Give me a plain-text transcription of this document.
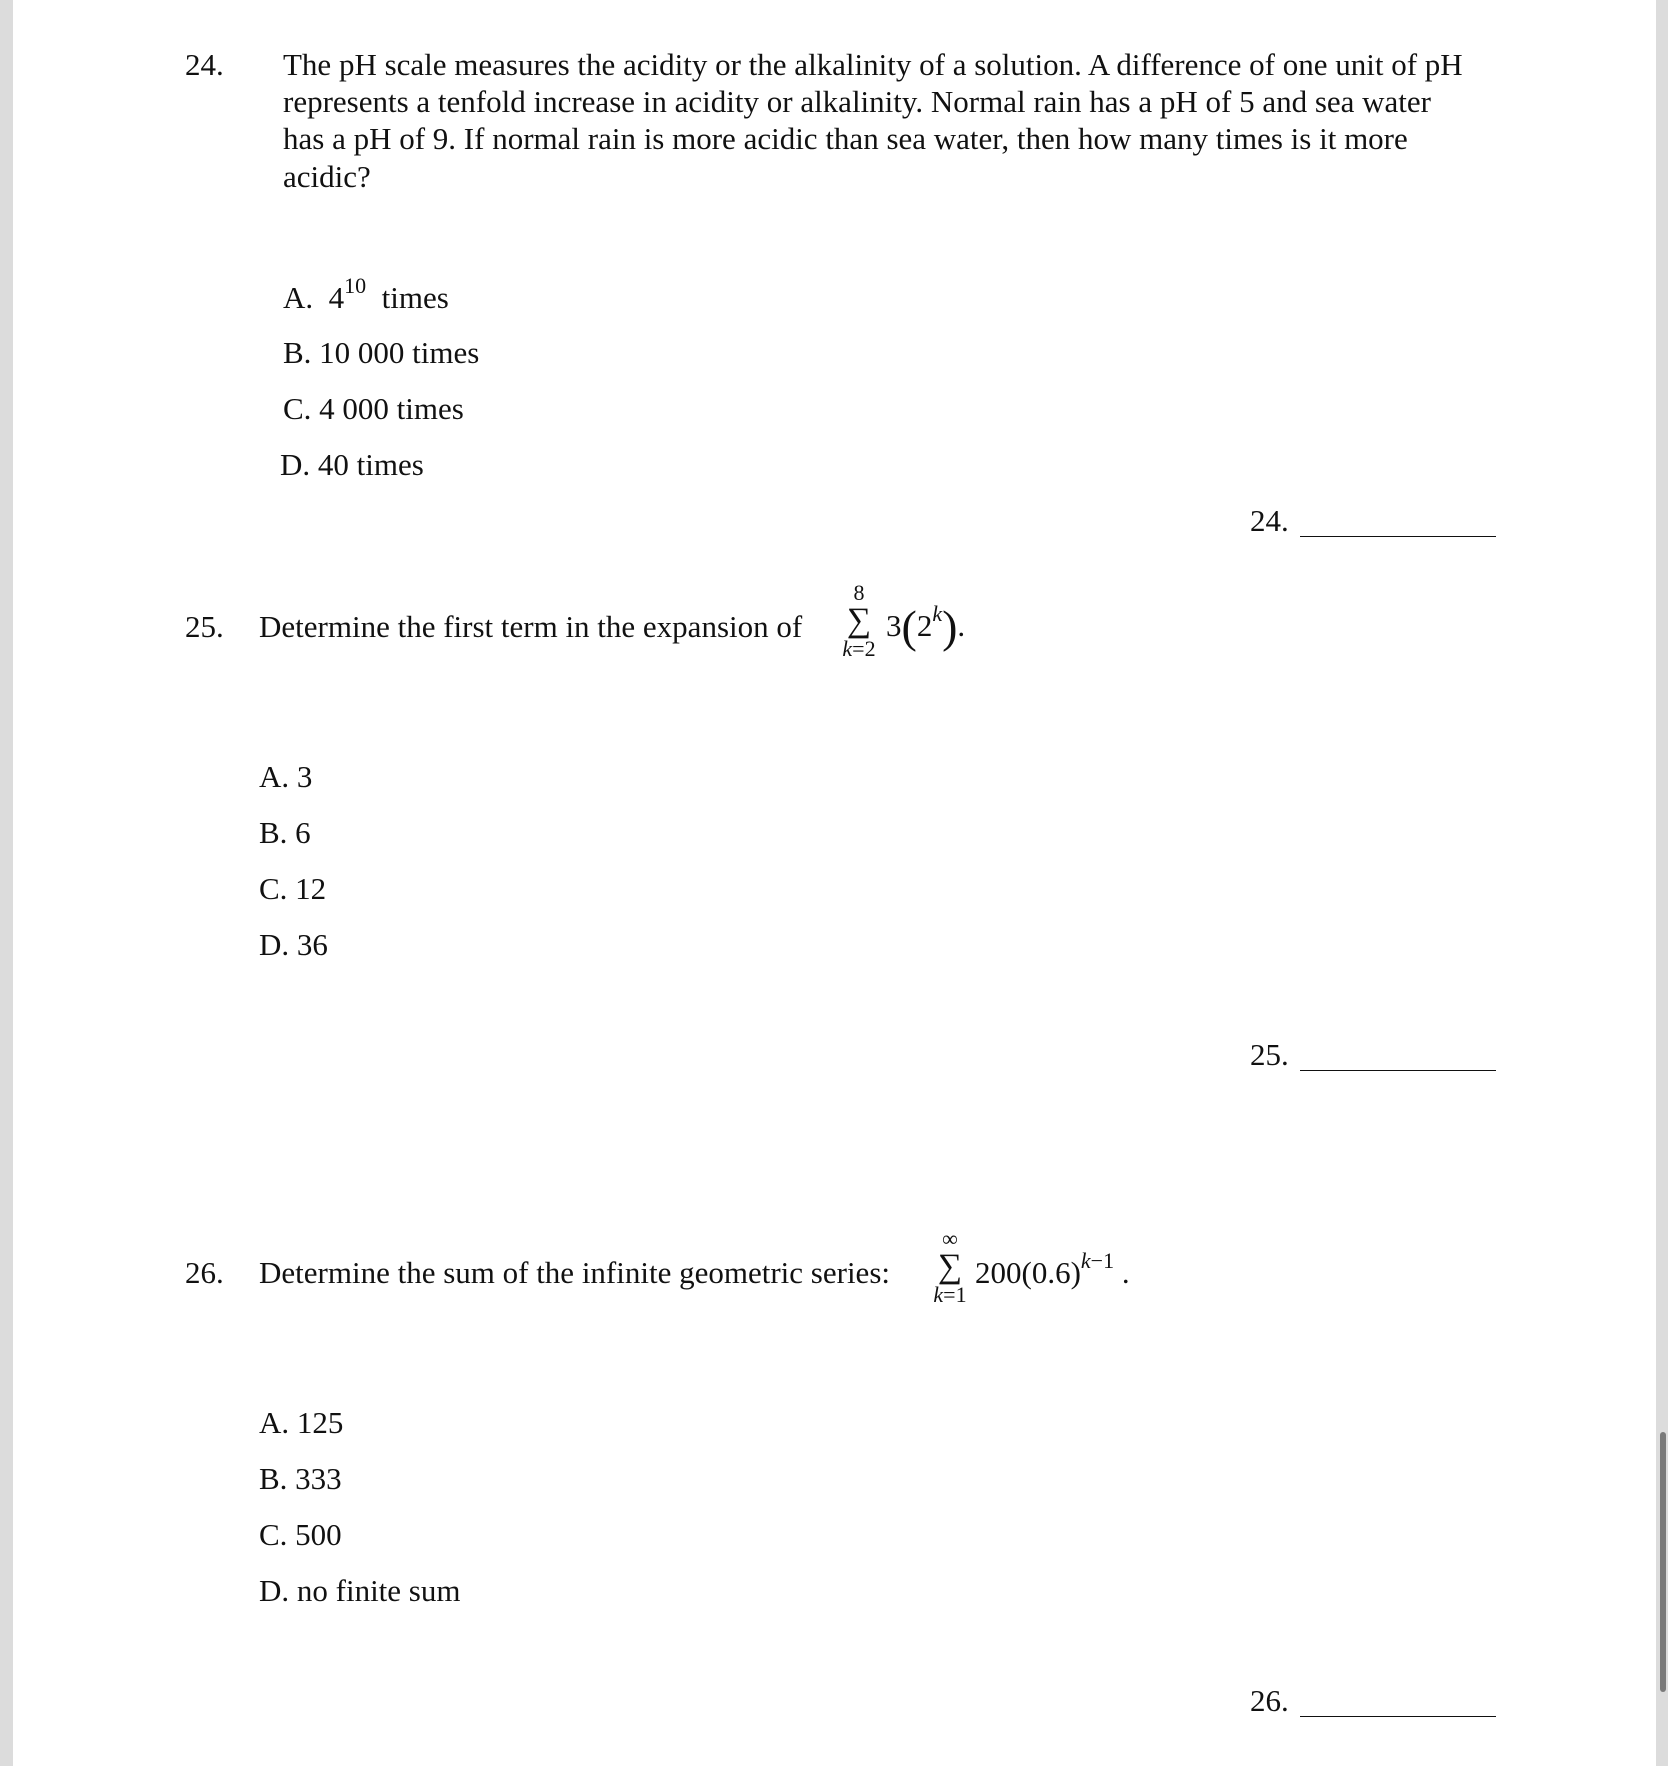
24. The pH scale measures the acidity or the alkalinity of a solution. A difference of one unit of pH
represents a tenfold increase in acidity or alkalinity. Normal rain has a pH of 5 and sea water
has a pH of 9. If normal rain is more acidic than sea water, then how many times is it more
acidic?
A. $4^{10}$ times
B. 10 000 times
C. 4 000 times
D. 40 times
24.
25. Determine the first term in the expansion of
8
∑
k=2
3(2$^k$).
A. 3
B. 6
C. 12
D. 36
25.
26. Determine the sum of the infinite geometric series:
∞
∑
k=1
$200(0.6)^{k-1}$ .
A. 125
B. 333
C. 500
D. no finite sum
26.
